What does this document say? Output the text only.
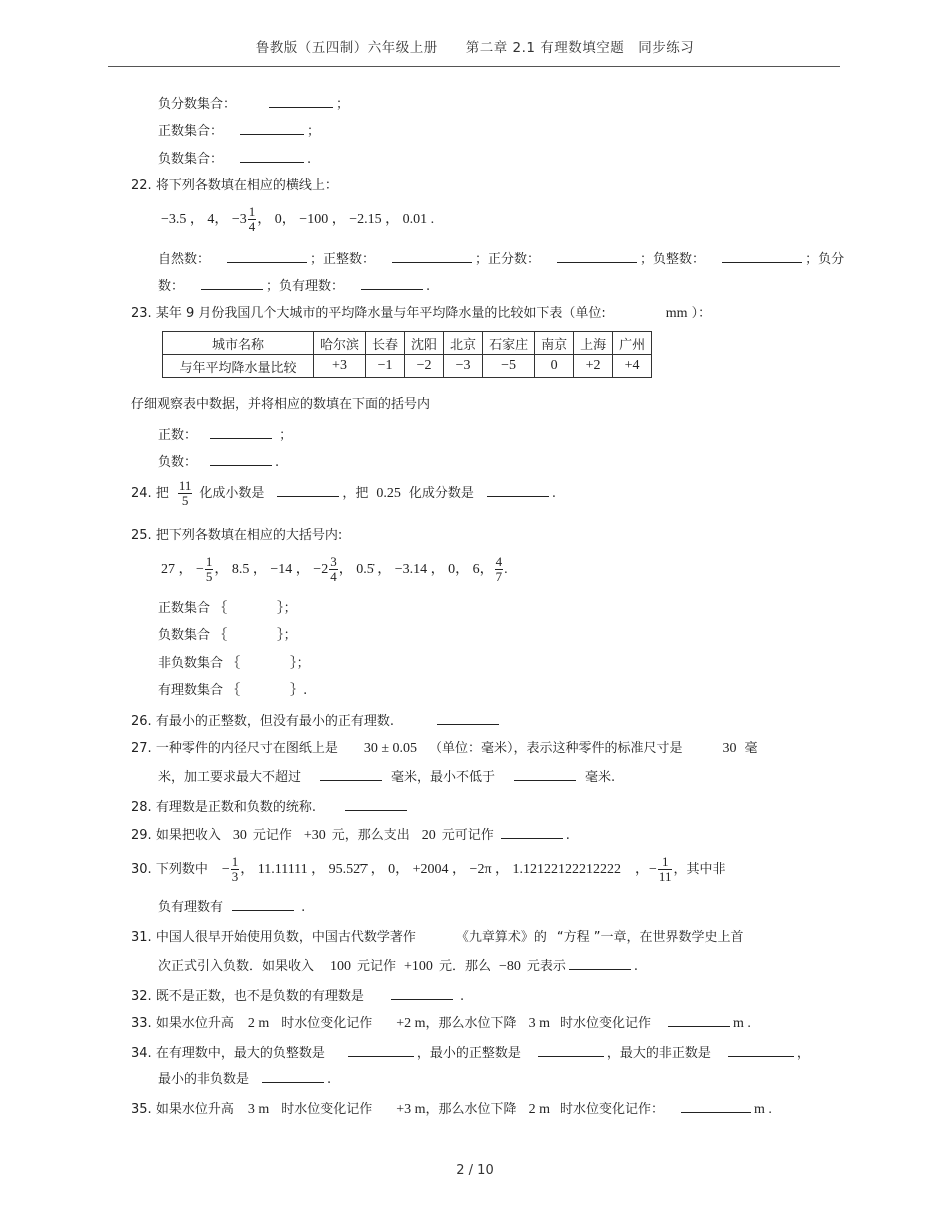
鲁教版（五四制）六年级上册　　第二章 2.1 有理数填空题　同步练习
负分数集合：	；
正数集合：	；
负数集合：	.
22. 将下列各数填在相应的横线上：
−3.5 ， 4， $-3 \frac{1}{4}$ ， 0， −100 ， −2.15 ， 0.01 .
自然数：	；正整数：	；正分数：	；负整数：	；负分
数：	；负有理数：	.
23. 某年 9 月份我国几个大城市的平均降水量与年平均降水量的比较如下表（单位:	mm ）：
城市名称	哈尔滨	长春	沈阳	北京	石家庄	南京	上海	广州
与年平均降水量比较	+3	−1	−2	−3	−5	0	+2	+4
仔细观察表中数据，并将相应的数填在下面的括号内
正数：	；
负数：	.
24. 把 $\frac{11}{5}$ 化成小数是	，把 0.25 化成分数是	.
25. 把下列各数填在相应的大括号内:
27 ， − $\frac{1}{5}$ ， 8.5 ， −14 ， $-2 \frac{3}{4}$ ， 0.5̇ ， −3.14 ， 0， 6， $\frac{4}{7}$ .
正数集合 ｛	｝；
负数集合 ｛	｝；
非负数集合 ｛	｝；
有理数集合 ｛	｝.
26. 有最小的正整数，但没有最小的正有理数.
27. 一种零件的内径尺寸在图纸上是 30 ± 0.05 （单位：毫米），表示这种零件的标准尺寸是	30 毫
米，加工要求最大不超过	毫米，最小不低于	毫米.
28. 有理数是正数和负数的统称.
29. 如果把收入 30 元记作 +30 元，那么支出 20 元可记作	.
30. 下列数中 − $\frac{1}{3}$ ， 11.11111 ， 95.52̇7̇ ， 0， +2004 ， −2π ， 1.12122122212222 ，− $\frac{1}{11}$ ，其中非
负有理数有	.
31. 中国人很早开始使用负数，中国古代数学著作	《九章算术》的 “方程 ”一章，在世界数学史上首
次正式引入负数．如果收入 100 元记作 +100 元．那么 −80 元表示	.
32. 既不是正数，也不是负数的有理数是	.
33. 如果水位升高 2 m 时水位变化记作 +2 m，那么水位下降 3 m 时水位变化记作	m .
34. 在有理数中，最大的负整数是	，最小的正整数是	，最大的非正数是	，
最小的非负数是	.
35. 如果水位升高 3 m 时水位变化记作 +3 m，那么水位下降 2 m 时水位变化记作：	m .
2 / 10
